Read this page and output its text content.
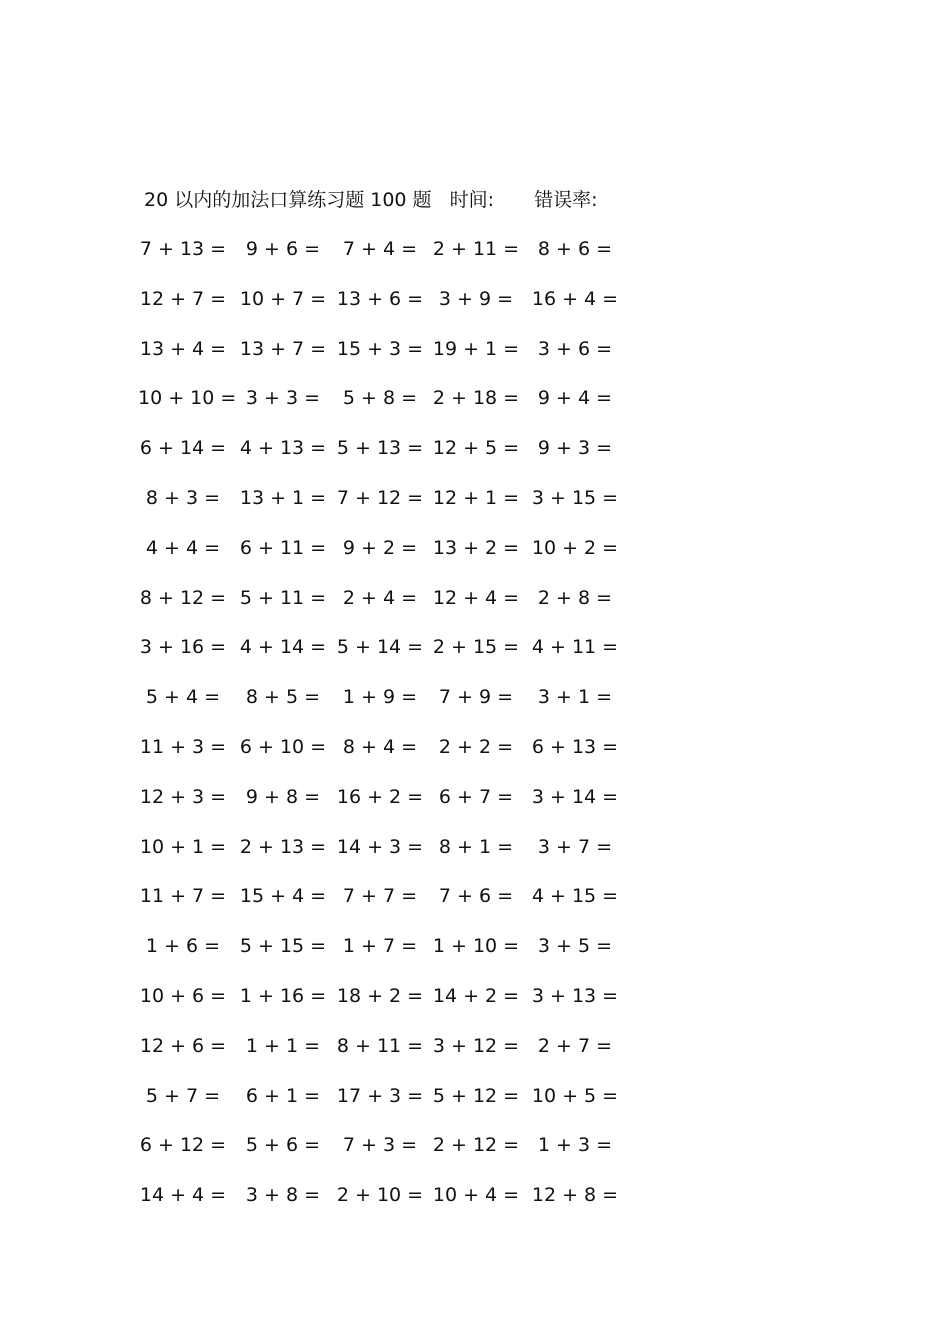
20 以内的加法口算练习题 100 题 时间: 错误率:
7 + 13 =	9 + 6 =	7 + 4 = 2 + 11 = 8 + 6 =
12 + 7 = 10 + 7 = 13 + 6 = 3 + 9 = 16 + 4 =
13 + 4 = 13 + 7 = 15 + 3 = 19 + 1 = 3 + 6 =
10 + 10 = 3 + 3 =	5 + 8 = 2 + 18 = 9 + 4 =
6 + 14 = 4 + 13 = 5 + 13 = 12 + 5 = 9 + 3 =
8 + 3 =	13 + 1 = 7 + 12 = 12 + 1 = 3 + 15 =
4 + 4 =	6 + 11 = 9 + 2 = 13 + 2 = 10 + 2 =
8 + 12 = 5 + 11 = 2 + 4 = 12 + 4 = 2 + 8 =
3 + 16 = 4 + 14 = 5 + 14 = 2 + 15 = 4 + 11 =
5 + 4 =	8 + 5 =	1 + 9 =	7 + 9 =	3 + 1 =
11 + 3 = 6 + 10 = 8 + 4 =	2 + 2 = 6 + 13 =
12 + 3 =	9 + 8 = 16 + 2 = 6 + 7 = 3 + 14 =
10 + 1 = 2 + 13 = 14 + 3 = 8 + 1 =	3 + 7 =
11 + 7 = 15 + 4 = 7 + 7 =	7 + 6 = 4 + 15 =
1 + 6 =	5 + 15 = 1 + 7 = 1 + 10 = 3 + 5 =
10 + 6 = 1 + 16 = 18 + 2 = 14 + 2 = 3 + 13 =
12 + 6 =	1 + 1 = 8 + 11 = 3 + 12 = 2 + 7 =
5 + 7 =	6 + 1 = 17 + 3 = 5 + 12 = 10 + 5 =
6 + 12 =	5 + 6 =	7 + 3 = 2 + 12 = 1 + 3 =
14 + 4 =	3 + 8 = 2 + 10 = 10 + 4 = 12 + 8 =
